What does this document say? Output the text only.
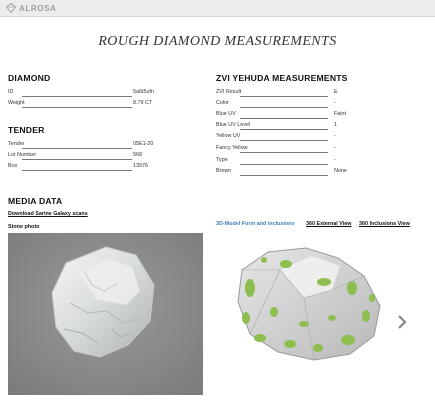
ALROSA
ROUGH DIAMOND MEASUREMENTS
DIAMOND
ID	5a6t5ufn
Weight	8.79 CT
TENDER
Tender	05E1-20
Lot Number	568
Box	13976
ZVI YEHUDA MEASUREMENTS
ZVI Result	E
Color	-
Blue UV	Faint
Blue UV Level	1
Yellow UV	-
Fancy Yellow	-
Type	-
Brown	None
MEDIA DATA
Download Sarine Galaxy scans
Stone photo	3D-Model Form and inclusions 360 External View 360 Inclusions View
